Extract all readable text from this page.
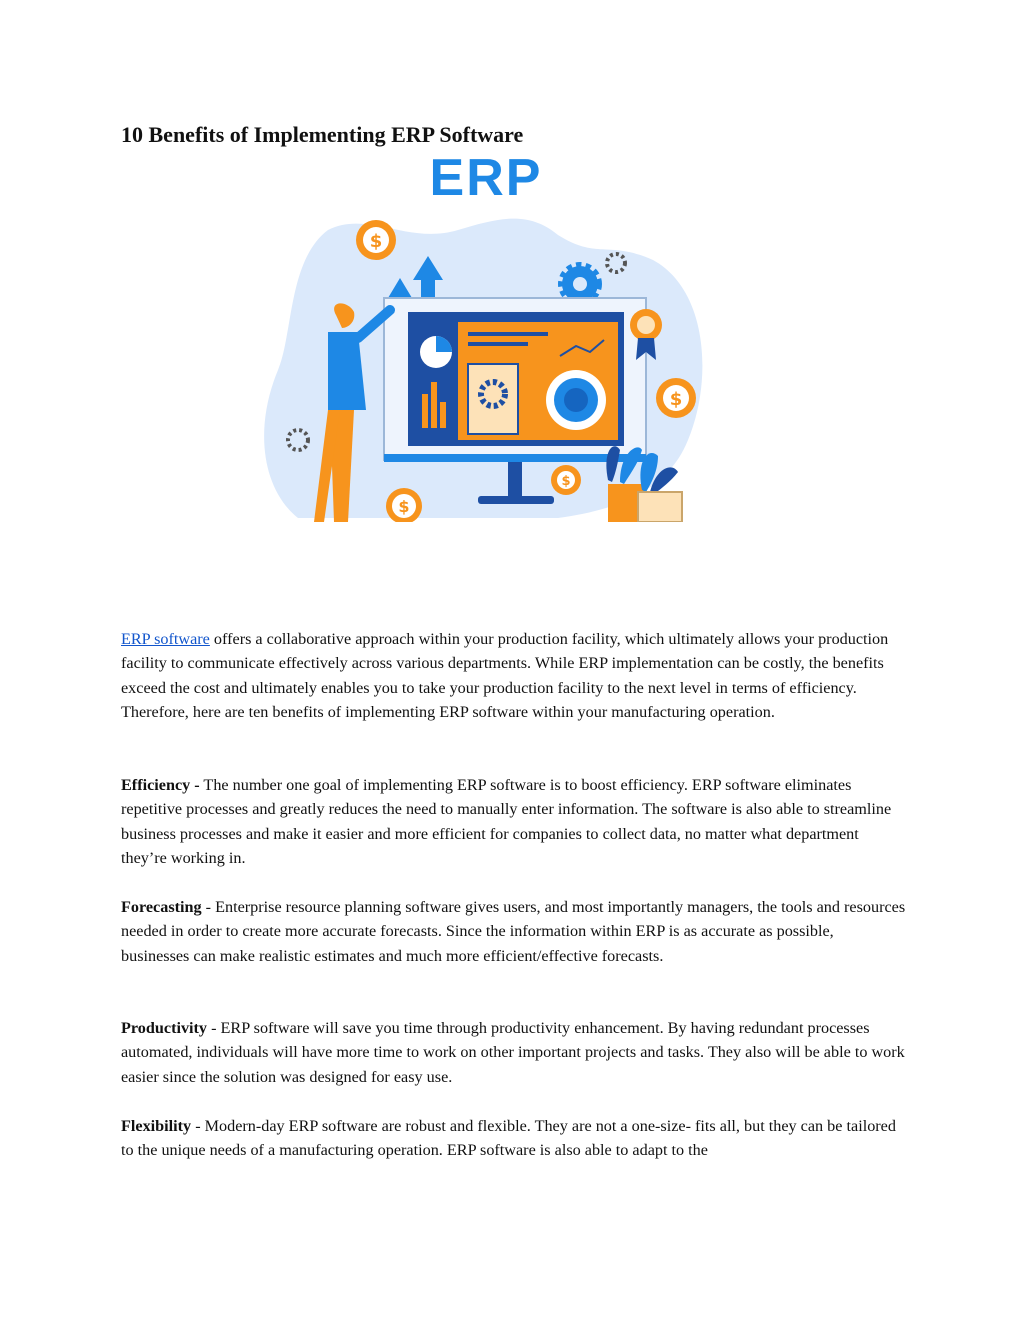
10 Benefits of Implementing ERP Software
ERP
$
$
$
$

ERP software offers a collaborative approach within your production facility, which ultimately allows your production facility to communicate effectively across various departments. While ERP implementation can be costly, the benefits exceed the cost and ultimately enables you to take your production facility to the next level in terms of efficiency. Therefore, here are ten benefits of implementing ERP software within your manufacturing operation.

Efficiency - The number one goal of implementing ERP software is to boost efficiency. ERP software eliminates repetitive processes and greatly reduces the need to manually enter information. The software is also able to streamline business processes and make it easier and more efficient for companies to collect data, no matter what department they’re working in.

Forecasting - Enterprise resource planning software gives users, and most importantly managers, the tools and resources needed in order to create more accurate forecasts. Since the information within ERP is as accurate as possible, businesses can make realistic estimates and much more efficient/effective forecasts.

Productivity - ERP software will save you time through productivity enhancement. By having redundant processes automated, individuals will have more time to work on other important projects and tasks. They also will be able to work easier since the solution was designed for easy use.

Flexibility - Modern-day ERP software are robust and flexible. They are not a one-size- fits all, but they can be tailored to the unique needs of a manufacturing operation. ERP software is also able to adapt to the
